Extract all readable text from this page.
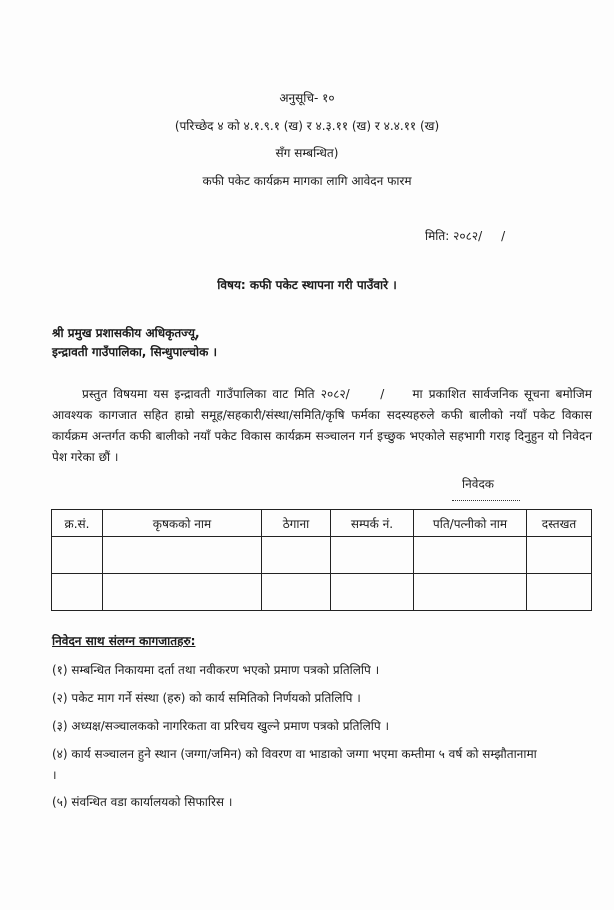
अनुसूचि- १०
(परिच्छेद ४ को ४.१.९.१ (ख) र ४.३.११ (ख) र ४.४.११ (ख)
सँग सम्बन्धित)
कफी पकेट कार्यक्रम मागका लागि आवेदन फारम
मिति: २०८२/     /
विषय: कफी पकेट स्थापना गरी पाउँवारे ।
श्री प्रमुख प्रशासकीय अधिकृतज्यू,
इन्द्रावती गाउँपालिका, सिन्धुपाल्चोक ।
प्रस्तुत विषयमा यस इन्द्रावती गाउँपालिका वाट मिति २०८२/     / मा प्रकाशित सार्वजनिक सूचना बमोजिम आवश्यक कागजात सहित हाम्रो समूह/सहकारी/संस्था/समिति/कृषि फर्मका सदस्यहरुले कफी बालीको नयाँ पकेट विकास कार्यक्रम अन्तर्गत कफी बालीको नयाँ पकेट विकास कार्यक्रम सञ्चालन गर्न इच्छुक भएकोले सहभागी गराइ दिनुहुन यो निवेदन पेश गरेका छौं ।
निवेदक
क्र.सं.	कृषकको नाम	ठेगाना	सम्पर्क नं.	पति/पत्नीको नाम	दस्तखत

निवेदन साथ संलग्न कागजातहरु:
(१) सम्बन्धित निकायमा दर्ता तथा नवीकरण भएको प्रमाण पत्रको प्रतिलिपि ।
(२) पकेट माग गर्ने संस्था (हरु) को कार्य समितिको निर्णयको प्रतिलिपि ।
(३) अध्यक्ष/सञ्चालकको नागरिकता वा प्ररिचय खुल्ने प्रमाण पत्रको प्रतिलिपि ।
(४) कार्य सञ्चालन हुने स्थान (जग्गा/जमिन) को विवरण वा भाडाको जग्गा भएमा कम्तीमा ५ वर्ष को सम्झौतानामा ।
(५) संवन्धित वडा कार्यालयको सिफारिस ।
